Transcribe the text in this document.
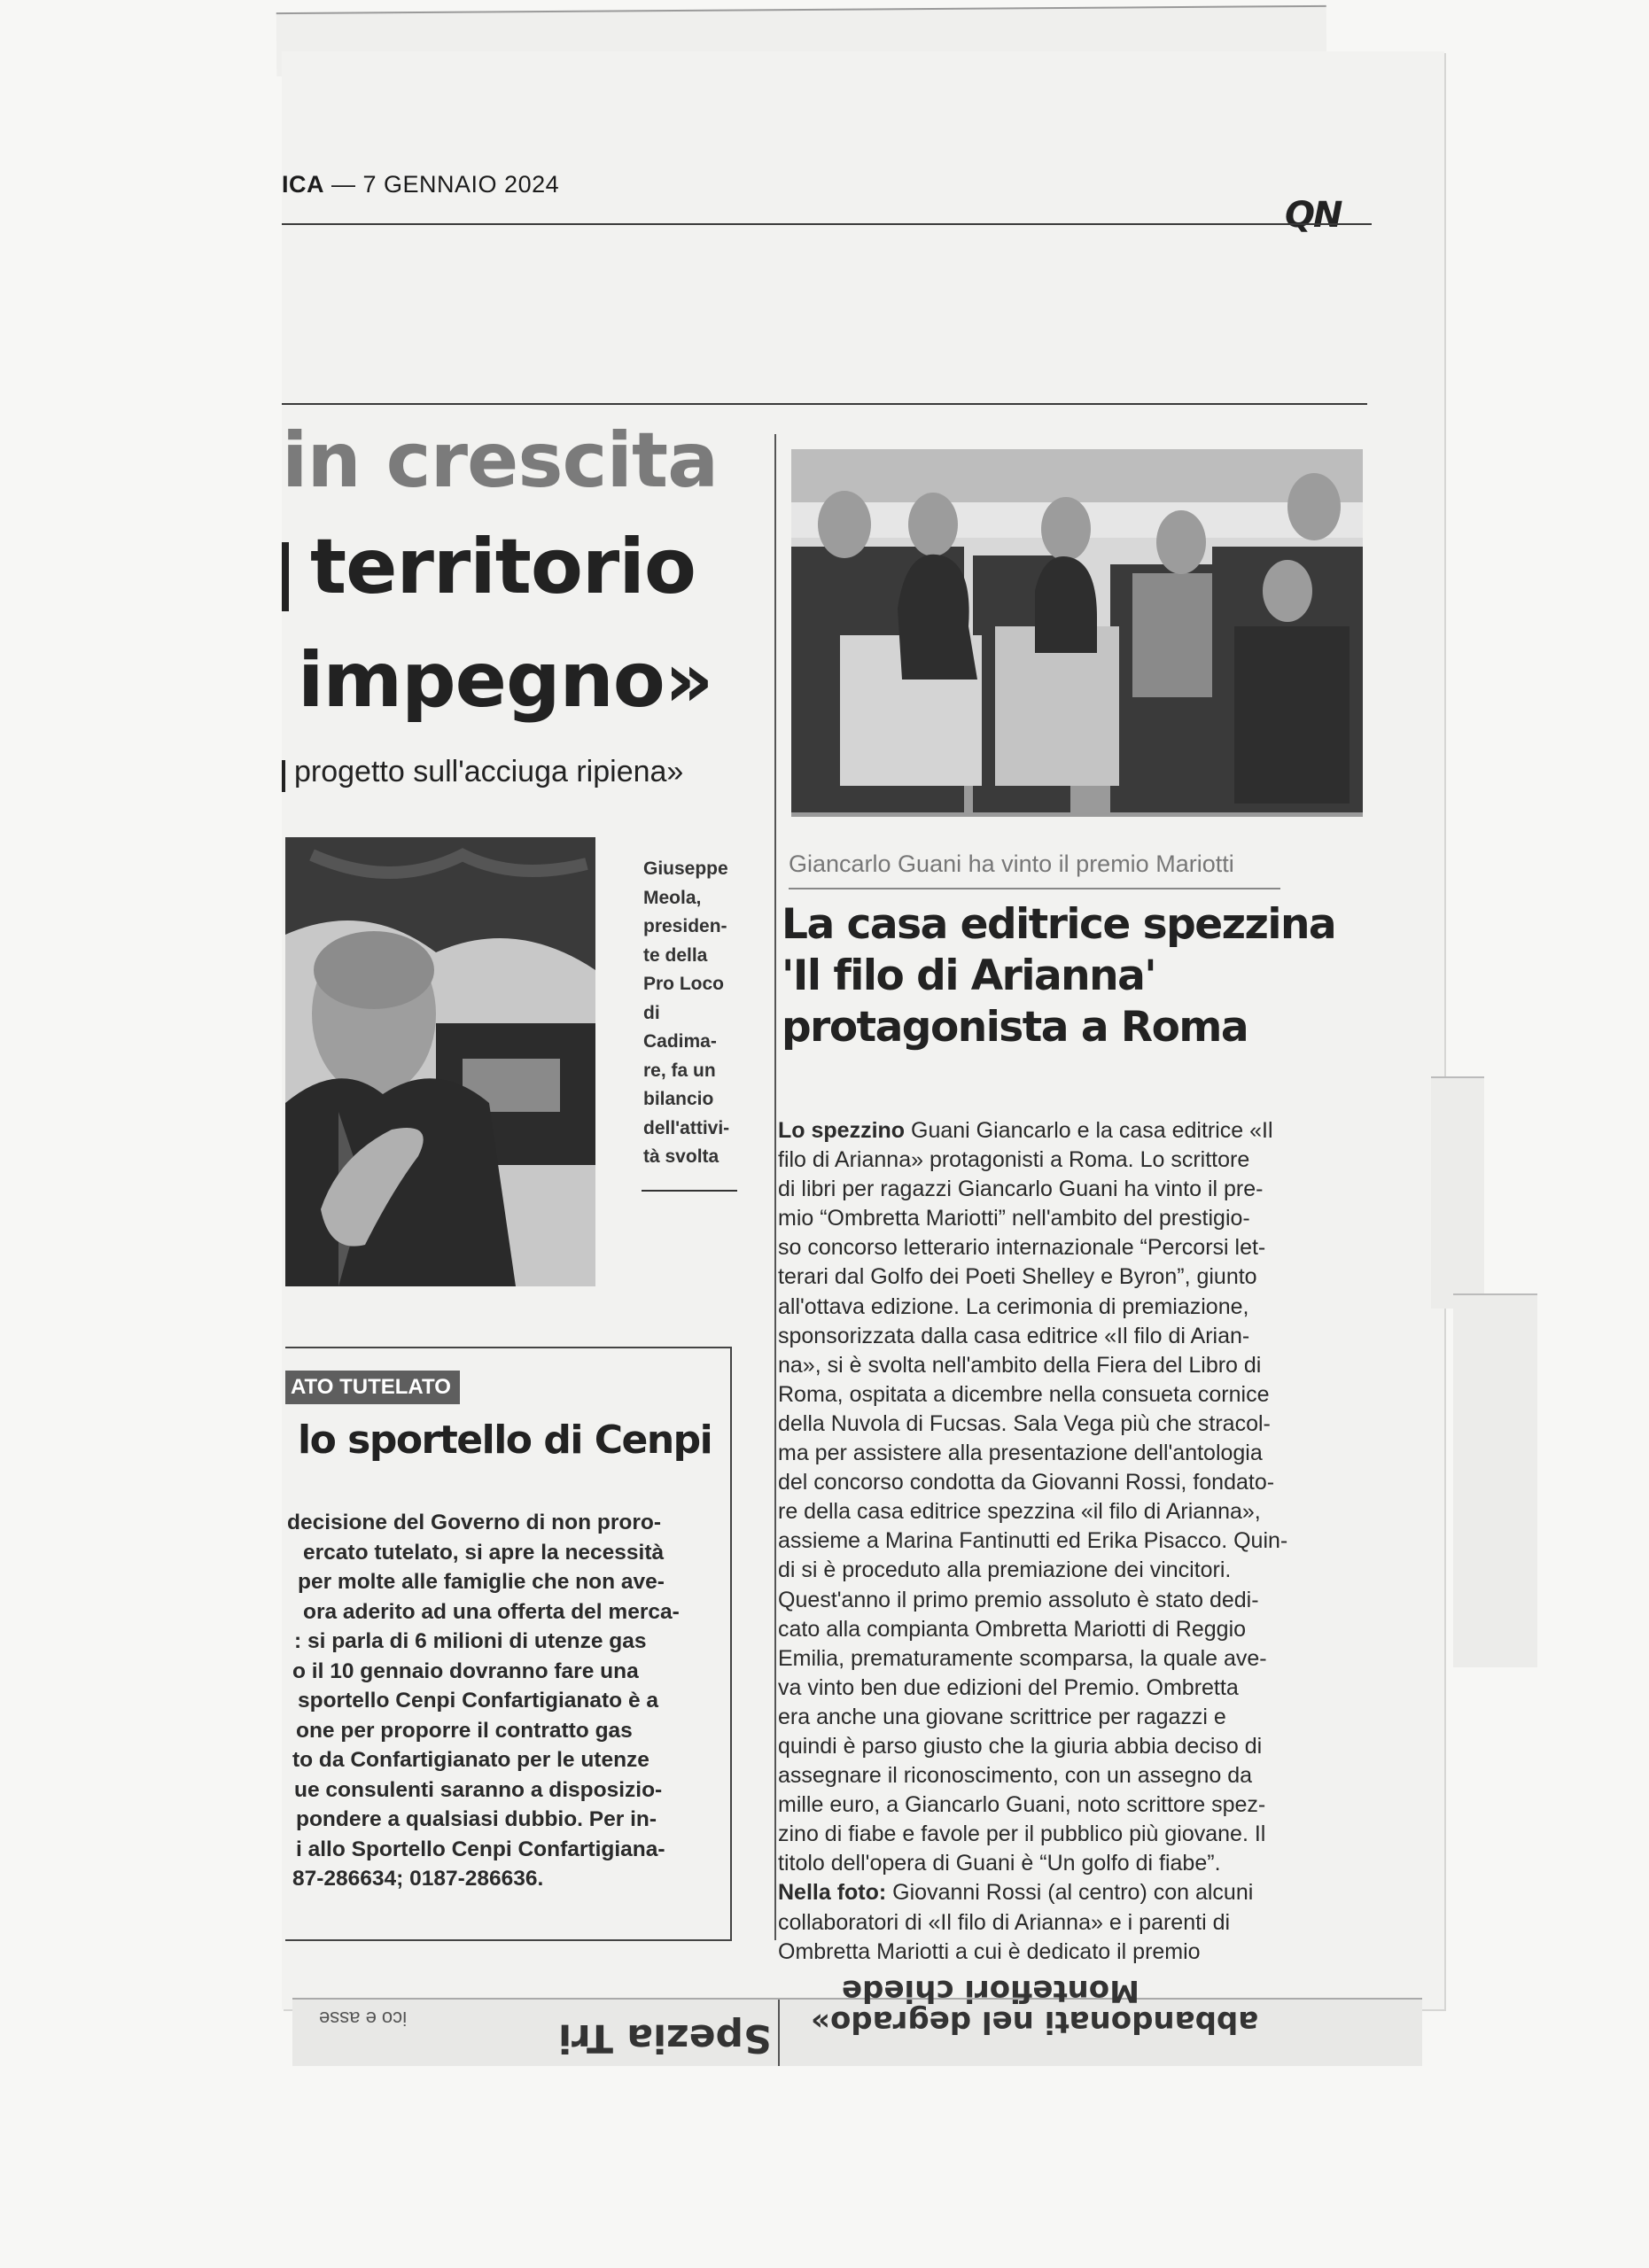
ICA — 7 GENNAIO 2024
QN
in crescita
territorio
impegno»
progetto sull'acciuga ripiena»
Giuseppe
Meola,
presiden-
te della
Pro Loco
di
Cadima-
re, fa un
bilancio
dell'attivi-
tà svolta
ATO TUTELATO
lo sportello di Cenpi
decisione del Governo di non proro-
ercato tutelato, si apre la necessità
per molte alle famiglie che non ave-
ora aderito ad una offerta del merca-
: si parla di 6 milioni di utenze gas
o il 10 gennaio dovranno fare una
sportello Cenpi Confartigianato è a
one per proporre il contratto gas
to da Confartigianato per le utenze
ue consulenti saranno a disposizio-
pondere a qualsiasi dubbio. Per in-
i allo Sportello Cenpi Confartigiana-
87-286634; 0187-286636.
Giancarlo Guani ha vinto il premio Mariotti
La casa editrice spezzina
'Il filo di Arianna'
protagonista a Roma
Lo spezzino Guani Giancarlo e la casa editrice «Il
filo di Arianna» protagonisti a Roma. Lo scrittore
di libri per ragazzi Giancarlo Guani ha vinto il pre-
mio “Ombretta Mariotti” nell'ambito del prestigio-
so concorso letterario internazionale “Percorsi let-
terari dal Golfo dei Poeti Shelley e Byron”, giunto
all'ottava edizione. La cerimonia di premiazione,
sponsorizzata dalla casa editrice «Il filo di Arian-
na», si è svolta nell'ambito della Fiera del Libro di
Roma, ospitata a dicembre nella consueta cornice
della Nuvola di Fucsas. Sala Vega più che stracol-
ma per assistere alla presentazione dell'antologia
del concorso condotta da Giovanni Rossi, fondato-
re della casa editrice spezzina «il filo di Arianna»,
assieme a Marina Fantinutti ed Erika Pisacco. Quin-
di si è proceduto alla premiazione dei vincitori.
Quest'anno il primo premio assoluto è stato dedi-
cato alla compianta Ombretta Mariotti di Reggio
Emilia, prematuramente scomparsa, la quale ave-
va vinto ben due edizioni del Premio. Ombretta
era anche una giovane scrittrice per ragazzi e
quindi è parso giusto che la giuria abbia deciso di
assegnare il riconoscimento, con un assegno da
mille euro, a Giancarlo Guani, noto scrittore spez-
zino di fiabe e favole per il pubblico più giovane. Il
titolo dell'opera di Guani è “Un golfo di fiabe”.
Nella foto: Giovanni Rossi (al centro) con alcuni
collaboratori di «Il filo di Arianna» e i parenti di
Ombretta Mariotti a cui è dedicato il premio
ico e asse	Spezia Tri abbandonati nel degrado»
Montefiori chiede
